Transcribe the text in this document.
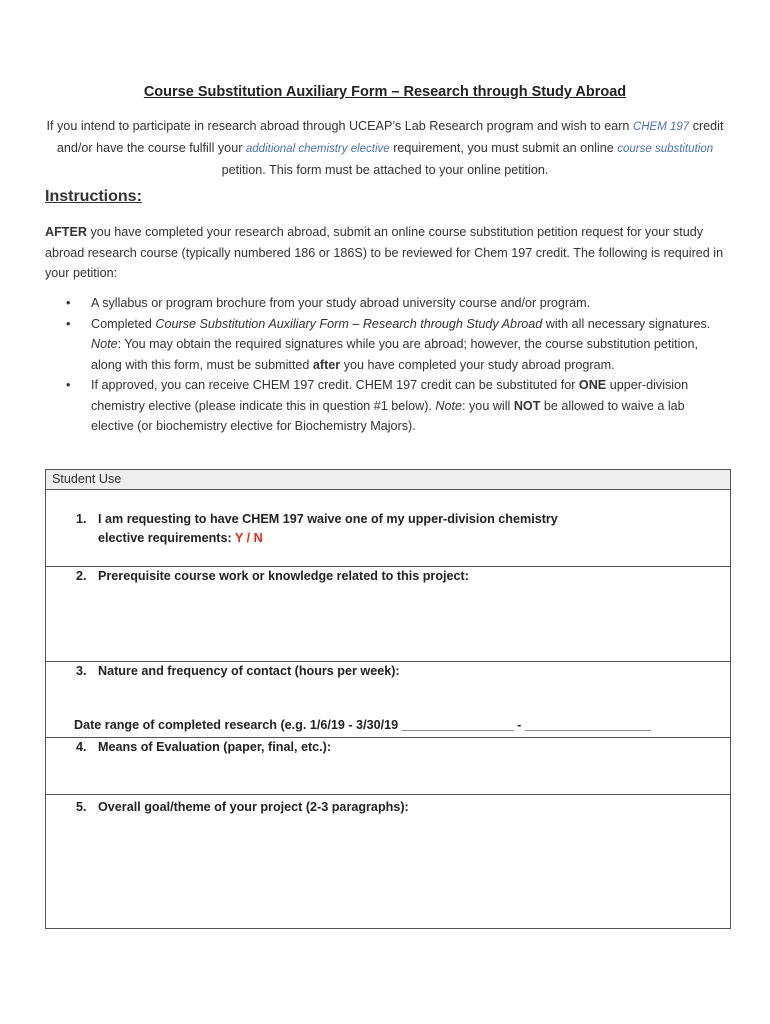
Course Substitution Auxiliary Form – Research through Study Abroad
If you intend to participate in research abroad through UCEAP’s Lab Research program and wish to earn CHEM 197 credit and/or have the course fulfill your additional chemistry elective requirement, you must submit an online course substitution petition. This form must be attached to your online petition.
Instructions:
AFTER you have completed your research abroad, submit an online course substitution petition request for your study abroad research course (typically numbered 186 or 186S) to be reviewed for Chem 197 credit. The following is required in your petition:
• A syllabus or program brochure from your study abroad university course and/or program.
• Completed Course Substitution Auxiliary Form – Research through Study Abroad with all necessary signatures. Note: You may obtain the required signatures while you are abroad; however, the course substitution petition, along with this form, must be submitted after you have completed your study abroad program.
• If approved, you can receive CHEM 197 credit. CHEM 197 credit can be substituted for ONE upper-division chemistry elective (please indicate this in question #1 below). Note: you will NOT be allowed to waive a lab elective (or biochemistry elective for Biochemistry Majors).
Student Use
1. I am requesting to have CHEM 197 waive one of my upper-division chemistry elective requirements: Y / N
2. Prerequisite course work or knowledge related to this project:
3. Nature and frequency of contact (hours per week):
Date range of completed research (e.g. 1/6/19 - 3/30/19 ________________ - __________________
4. Means of Evaluation (paper, final, etc.):
5. Overall goal/theme of your project (2-3 paragraphs):
